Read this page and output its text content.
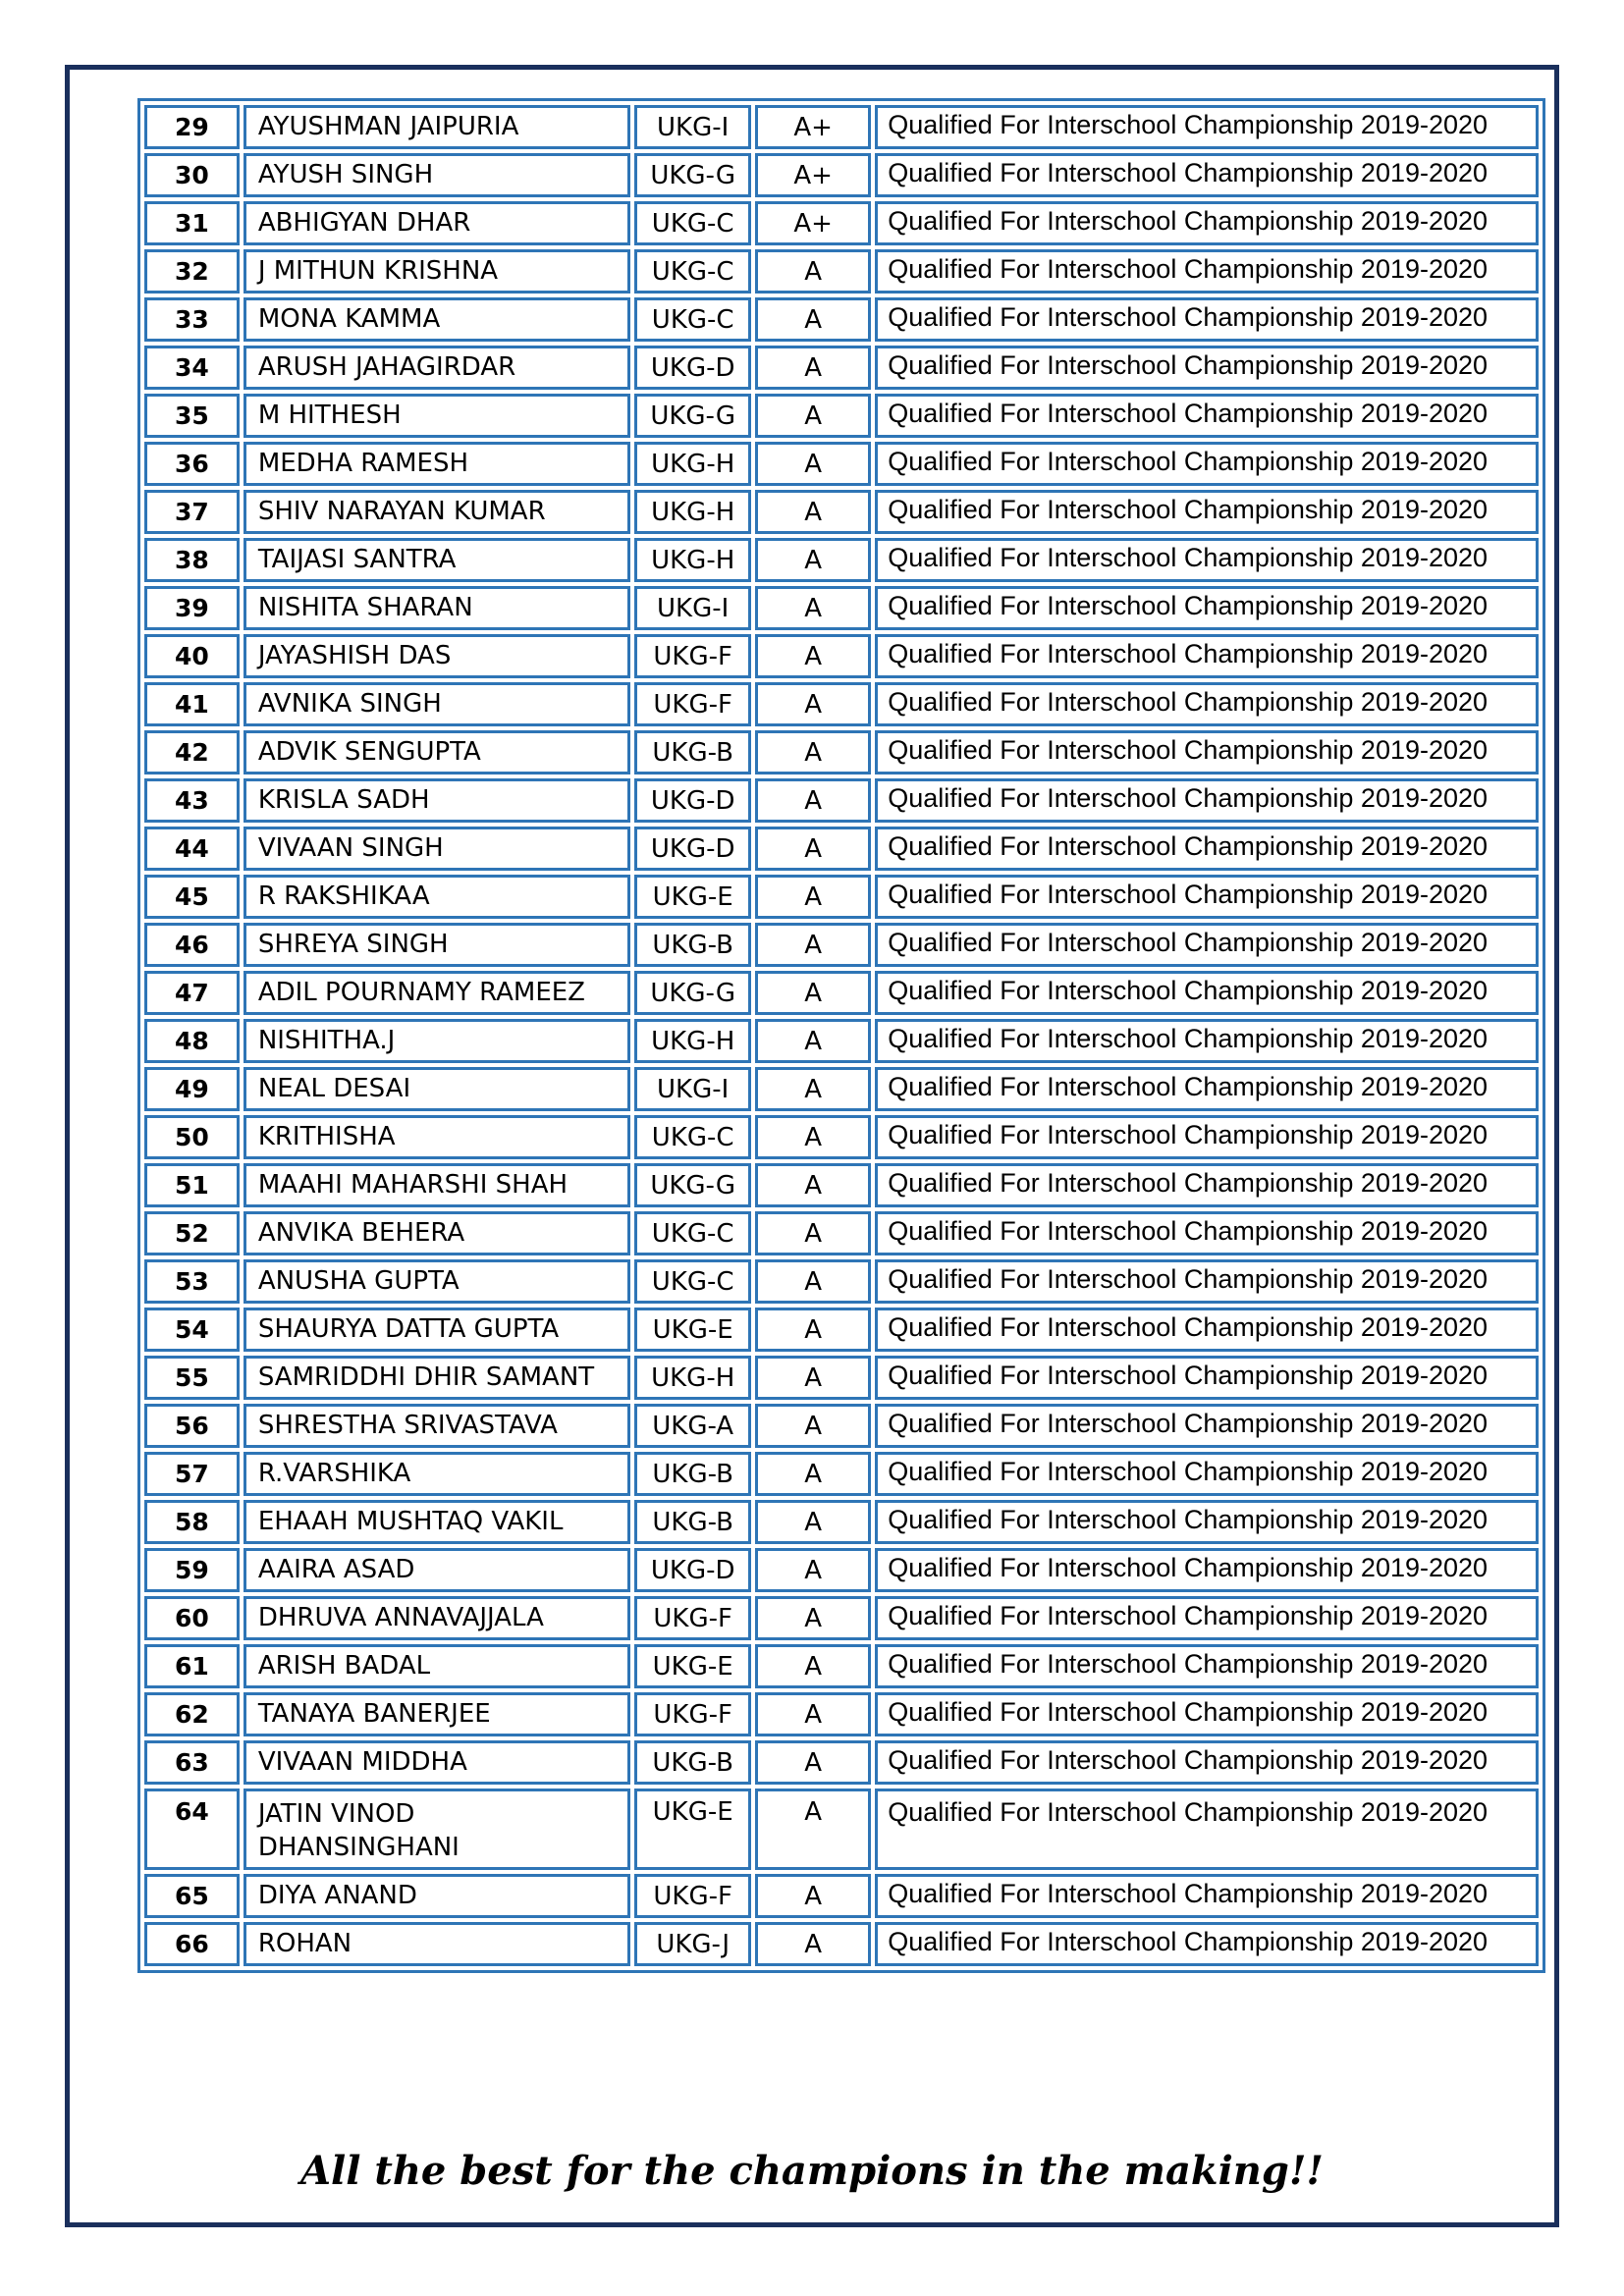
29	AYUSHMAN JAIPURIA	UKG-I	A+	Qualified For Interschool Championship 2019-2020
30	AYUSH SINGH	UKG-G	A+	Qualified For Interschool Championship 2019-2020
31	ABHIGYAN DHAR	UKG-C	A+	Qualified For Interschool Championship 2019-2020
32	J MITHUN KRISHNA	UKG-C	A	Qualified For Interschool Championship 2019-2020
33	MONA KAMMA	UKG-C	A	Qualified For Interschool Championship 2019-2020
34	ARUSH JAHAGIRDAR	UKG-D	A	Qualified For Interschool Championship 2019-2020
35	M HITHESH	UKG-G	A	Qualified For Interschool Championship 2019-2020
36	MEDHA RAMESH	UKG-H	A	Qualified For Interschool Championship 2019-2020
37	SHIV NARAYAN KUMAR	UKG-H	A	Qualified For Interschool Championship 2019-2020
38	TAIJASI SANTRA	UKG-H	A	Qualified For Interschool Championship 2019-2020
39	NISHITA SHARAN	UKG-I	A	Qualified For Interschool Championship 2019-2020
40	JAYASHISH DAS	UKG-F	A	Qualified For Interschool Championship 2019-2020
41	AVNIKA SINGH	UKG-F	A	Qualified For Interschool Championship 2019-2020
42	ADVIK SENGUPTA	UKG-B	A	Qualified For Interschool Championship 2019-2020
43	KRISLA SADH	UKG-D	A	Qualified For Interschool Championship 2019-2020
44	VIVAAN SINGH	UKG-D	A	Qualified For Interschool Championship 2019-2020
45	R RAKSHIKAA	UKG-E	A	Qualified For Interschool Championship 2019-2020
46	SHREYA SINGH	UKG-B	A	Qualified For Interschool Championship 2019-2020
47	ADIL POURNAMY RAMEEZ	UKG-G	A	Qualified For Interschool Championship 2019-2020
48	NISHITHA.J	UKG-H	A	Qualified For Interschool Championship 2019-2020
49	NEAL DESAI	UKG-I	A	Qualified For Interschool Championship 2019-2020
50	KRITHISHA	UKG-C	A	Qualified For Interschool Championship 2019-2020
51	MAAHI MAHARSHI SHAH	UKG-G	A	Qualified For Interschool Championship 2019-2020
52	ANVIKA BEHERA	UKG-C	A	Qualified For Interschool Championship 2019-2020
53	ANUSHA GUPTA	UKG-C	A	Qualified For Interschool Championship 2019-2020
54	SHAURYA DATTA GUPTA	UKG-E	A	Qualified For Interschool Championship 2019-2020
55	SAMRIDDHI DHIR SAMANT	UKG-H	A	Qualified For Interschool Championship 2019-2020
56	SHRESTHA SRIVASTAVA	UKG-A	A	Qualified For Interschool Championship 2019-2020
57	R.VARSHIKA	UKG-B	A	Qualified For Interschool Championship 2019-2020
58	EHAAH MUSHTAQ VAKIL	UKG-B	A	Qualified For Interschool Championship 2019-2020
59	AAIRA ASAD	UKG-D	A	Qualified For Interschool Championship 2019-2020
60	DHRUVA ANNAVAJJALA	UKG-F	A	Qualified For Interschool Championship 2019-2020
61	ARISH BADAL	UKG-E	A	Qualified For Interschool Championship 2019-2020
62	TANAYA BANERJEE	UKG-F	A	Qualified For Interschool Championship 2019-2020
63	VIVAAN MIDDHA	UKG-B	A	Qualified For Interschool Championship 2019-2020
64	JATIN VINOD DHANSINGHANI	UKG-E	A	Qualified For Interschool Championship 2019-2020
65	DIYA ANAND	UKG-F	A	Qualified For Interschool Championship 2019-2020
66	ROHAN	UKG-J	A	Qualified For Interschool Championship 2019-2020
All the best for the champions in the making!!
